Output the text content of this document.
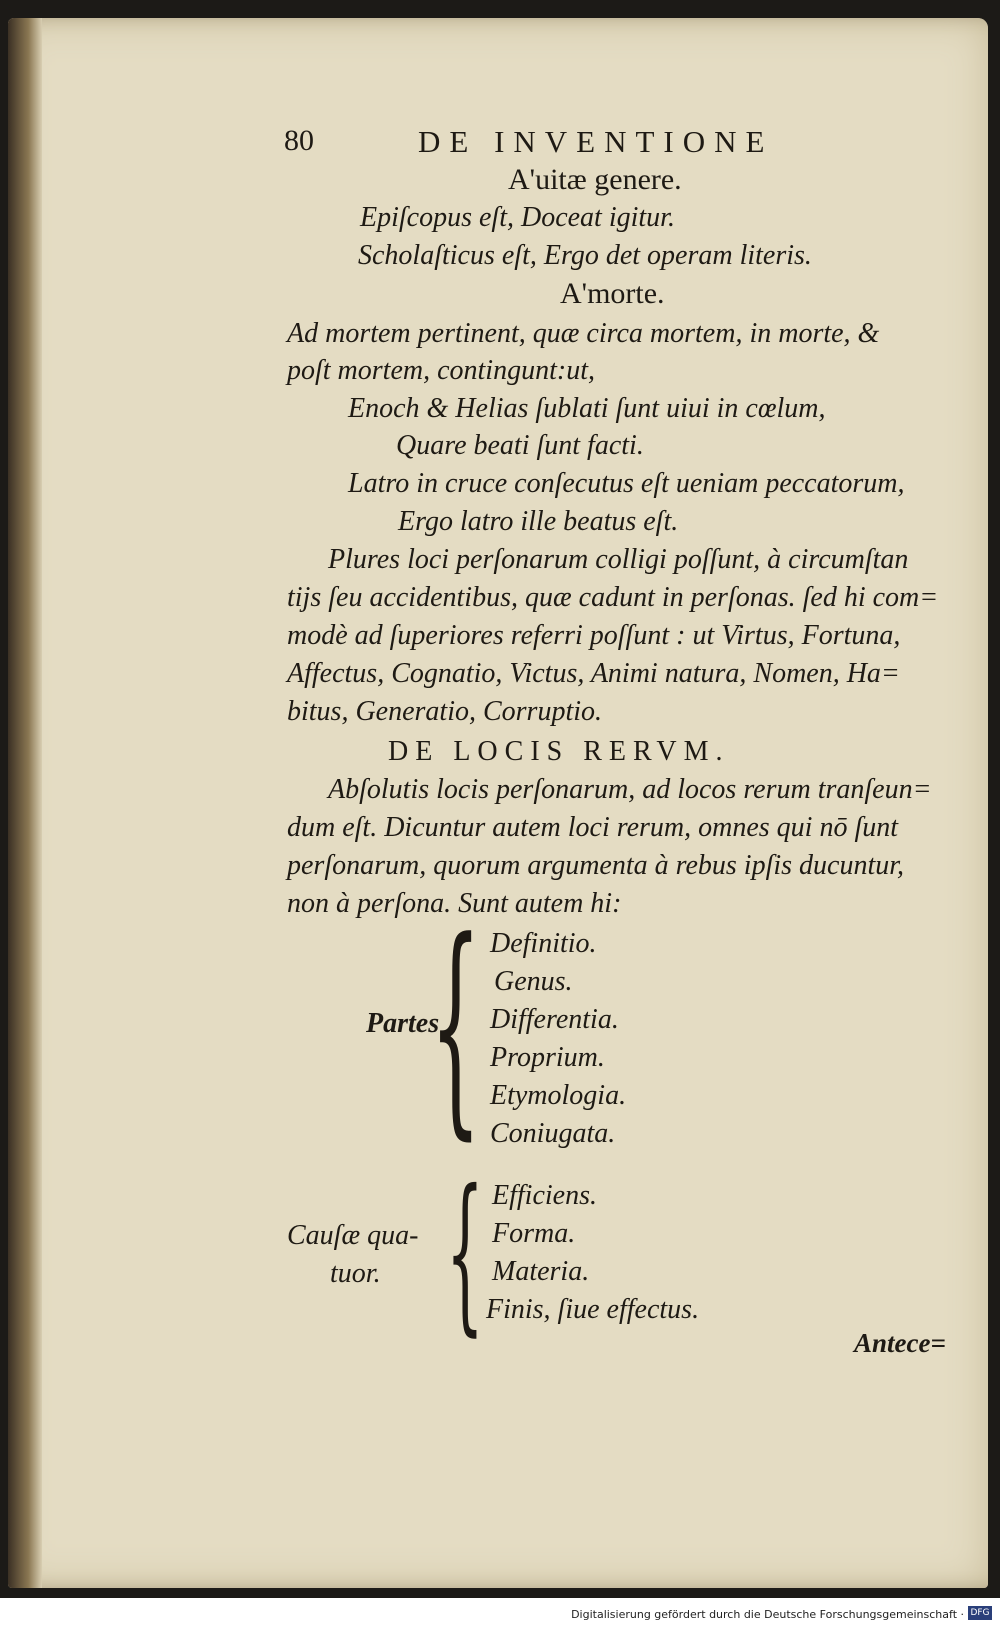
80	DE INVENTIONE
A'uitæ genere.
Epiſcopus eſt, Doceat igitur.
Scholaſticus eſt, Ergo det operam literis.
A'morte.
Ad mortem pertinent, quæ circa mortem, in morte, &
poſt mortem, contingunt:ut,
Enoch & Helias ſublati ſunt uiui in cœlum,
Quare beati ſunt facti.
Latro in cruce conſecutus eſt ueniam peccatorum,
Ergo latro ille beatus eſt.
Plures loci perſonarum colligi poſſunt, à circumſtan
tijs ſeu accidentibus, quæ cadunt in perſonas. ſed hi com=
modè ad ſuperiores referri poſſunt : ut Virtus, Fortuna,
Affectus, Cognatio, Victus, Animi natura, Nomen, Ha=
bitus, Generatio, Corruptio.
DE LOCIS RERVM.
Abſolutis locis perſonarum, ad locos rerum tranſeun=
dum eſt. Dicuntur autem loci rerum, omnes qui nō ſunt
perſonarum, quorum argumenta à rebus ipſis ducuntur,
non à perſona. Sunt autem hi:
Partes
{ Definitio.
Genus.
Differentia.
Proprium.
Etymologia.
Coniugata.
Cauſæ qua-
tuor. { Efficiens.
Forma.
Materia.
Finis, ſiue effectus.
Antece=
Digitalisierung gefördert durch die Deutsche Forschungsgemeinschaft · DFG
